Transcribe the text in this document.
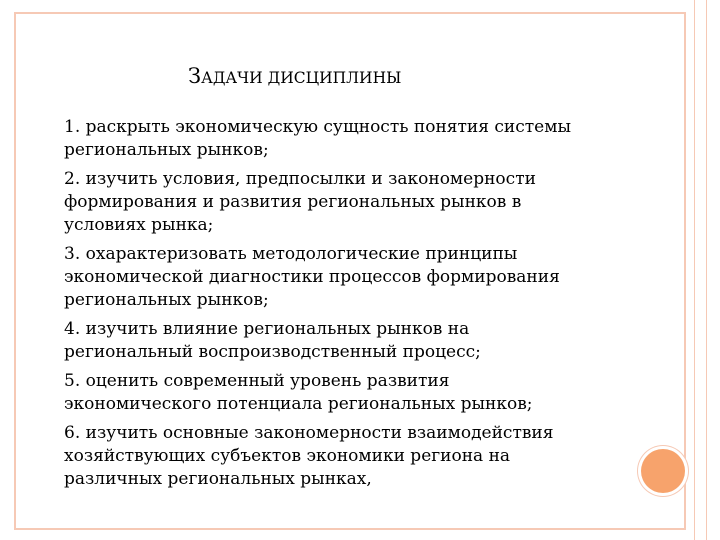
ЗАДАЧИ ДИСЦИПЛИНЫ
1. раскрыть экономическую сущность понятия системы
региональных рынков;
2. изучить условия, предпосылки и закономерности
формирования и развития региональных рынков в
условиях рынка;
3. охарактеризовать методологические принципы
экономической диагностики процессов формирования
региональных рынков;
4. изучить влияние региональных рынков на
региональный воспроизводственный процесс;
5. оценить современный уровень развития
экономического потенциала региональных рынков;
6. изучить основные закономерности взаимодействия
хозяйствующих субъектов экономики региона на
различных региональных рынках,
